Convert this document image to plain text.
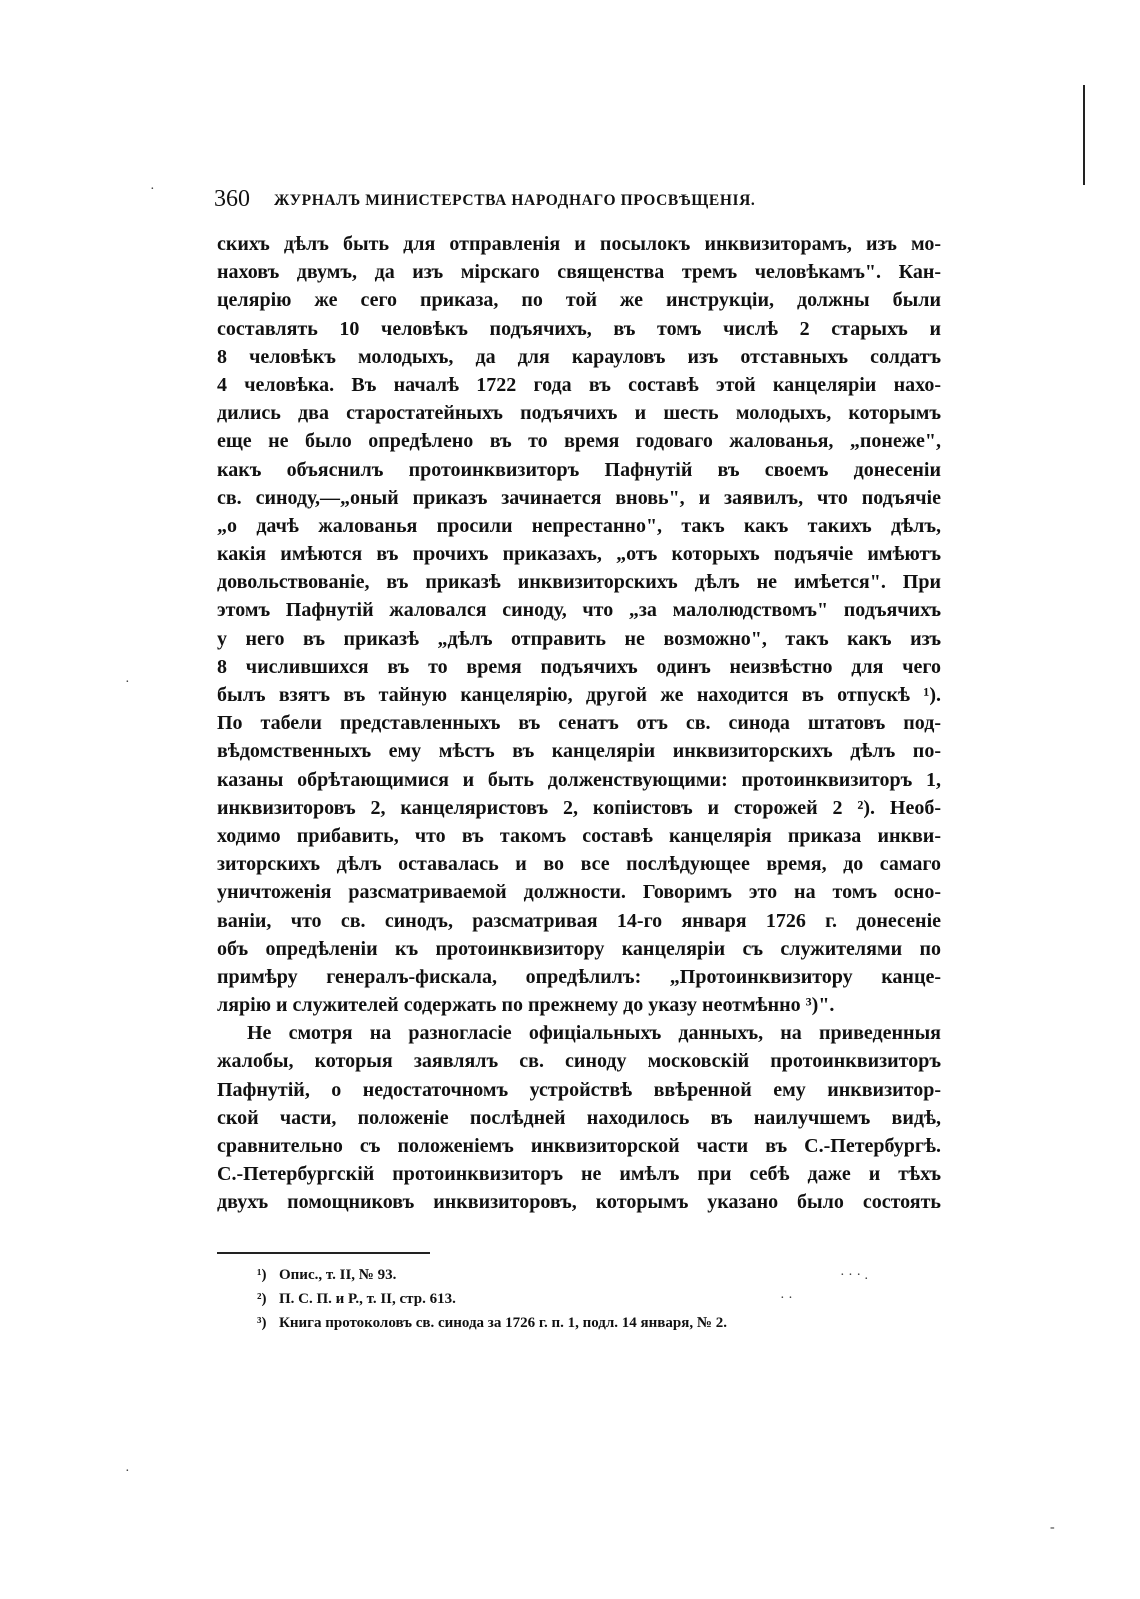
360 ЖУРНАЛЪ МИНИСТЕРСТВА НАРОДНАГО ПРОСВѢЩЕНІЯ.
скихъ дѣлъ быть для отправленія и посылокъ инквизиторамъ, изъ мо-
наховъ двумъ, да изъ мірскаго священства тремъ человѣкамъ". Кан-
целярію же сего приказа, по той же инструкціи, должны были
составлять 10 человѣкъ подъячихъ, въ томъ числѣ 2 старыхъ и
8 человѣкъ молодыхъ, да для карауловъ изъ отставныхъ солдатъ
4 человѣка. Въ началѣ 1722 года въ составѣ этой канцеляріи нахо-
дились два старостатейныхъ подъячихъ и шесть молодыхъ, которымъ
еще не было опредѣлено въ то время годоваго жалованья, „понеже",
какъ объяснилъ протоинквизиторъ Пафнутій въ своемъ донесеніи
св. синоду,—„оный приказъ зачинается вновь", и заявилъ, что подъячіе
„о дачѣ жалованья просили непрестанно", такъ какъ такихъ дѣлъ,
какія имѣются въ прочихъ приказахъ, „отъ которыхъ подъячіе имѣютъ
довольствованіе, въ приказѣ инквизиторскихъ дѣлъ не имѣется". При
этомъ Пафнутій жаловался синоду, что „за малолюдствомъ" подъячихъ
у него въ приказѣ „дѣлъ отправить не возможно", такъ какъ изъ
8 числившихся въ то время подъячихъ одинъ неизвѣстно для чего
былъ взятъ въ тайную канцелярію, другой же находится въ отпускѣ ¹).
По табели представленныхъ въ сенатъ отъ св. синода штатовъ под-
вѣдомственныхъ ему мѣстъ въ канцеляріи инквизиторскихъ дѣлъ по-
казаны обрѣтающимися и быть долженствующими: протоинквизиторъ 1,
инквизиторовъ 2, канцеляристовъ 2, копіистовъ и сторожей 2 ²). Необ-
ходимо прибавить, что въ такомъ составѣ канцелярія приказа инкви-
зиторскихъ дѣлъ оставалась и во все послѣдующее время, до самаго
уничтоженія разсматриваемой должности. Говоримъ это на томъ осно-
ваніи, что св. синодъ, разсматривая 14-го января 1726 г. донесеніе
объ опредѣленіи къ протоинквизитору канцеляріи съ служителями по
примѣру генералъ-фискала, опредѣлилъ: „Протоинквизитору канце-
лярію и служителей содержать по прежнему до указу неотмѣнно ³)".
Не смотря на разногласіе офиціальныхъ данныхъ, на приведенныя
жалобы, которыя заявлялъ св. синоду московскій протоинквизиторъ
Пафнутій, о недостаточномъ устройствѣ ввѣренной ему инквизитор-
ской части, положеніе послѣдней находилось въ наилучшемъ видѣ,
сравнительно съ положеніемъ инквизиторской части въ С.-Петербургѣ.
С.-Петербургскій протоинквизиторъ не имѣлъ при себѣ даже и тѣхъ
двухъ помощниковъ инквизиторовъ, которымъ указано было состоять
¹) Опис., т. II, № 93.
²) П. С. П. и Р., т. II, стр. 613.
³) Книга протоколовъ св. синода за 1726 г. п. 1, подл. 14 января, № 2.
·
·
·
· · · .
· ·
-
